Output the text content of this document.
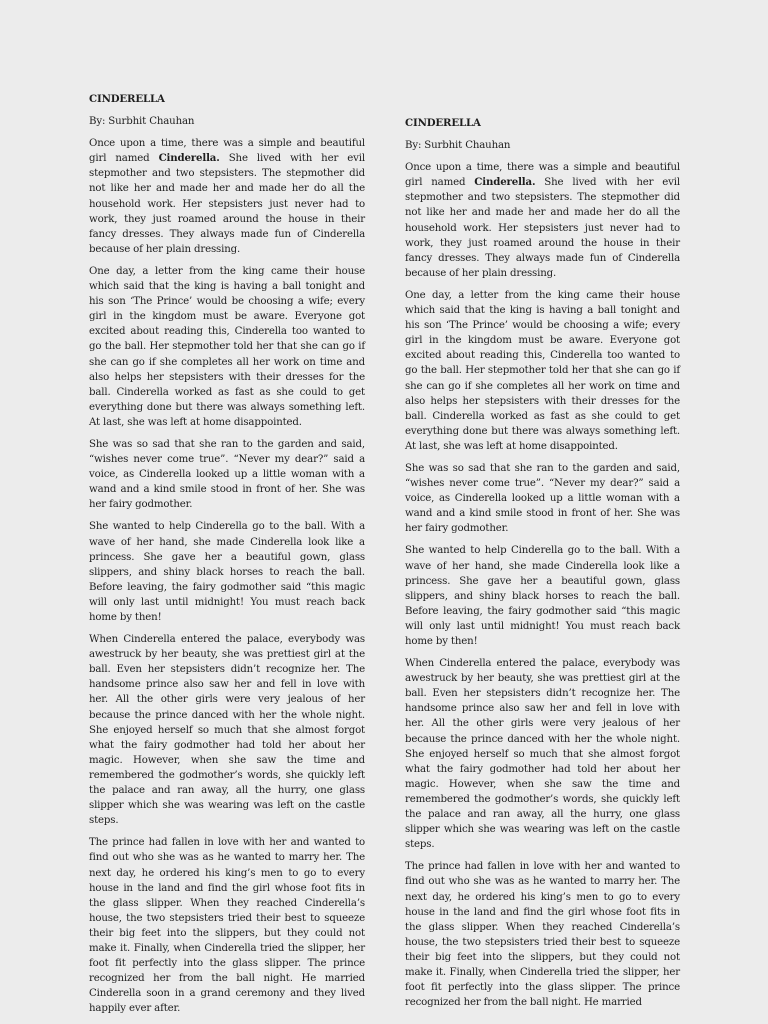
CINDERELLA
By: Surbhit Chauhan

Once upon a time, there was a simple and beautiful girl named Cinderella. She lived with her evil stepmother and two stepsisters. The stepmother did not like her and made her and made her do all the household work. Her stepsisters just never had to work, they just roamed around the house in their fancy dresses. They always made fun of Cinderella because of her plain dressing.

One day, a letter from the king came their house which said that the king is having a ball tonight and his son ‘The Prince’ would be choosing a wife; every girl in the kingdom must be aware. Everyone got excited about reading this, Cinderella too wanted to go the ball. Her stepmother told her that she can go if she can go if she completes all her work on time and also helps her stepsisters with their dresses for the ball. Cinderella worked as fast as she could to get everything done but there was always something left. At last, she was left at home disappointed.

She was so sad that she ran to the garden and said, “wishes never come true”. “Never my dear?” said a voice, as Cinderella looked up a little woman with a wand and a kind smile stood in front of her. She was her fairy godmother.

She wanted to help Cinderella go to the ball. With a wave of her hand, she made Cinderella look like a princess. She gave her a beautiful gown, glass slippers, and shiny black horses to reach the ball. Before leaving, the fairy godmother said “this magic will only last until midnight! You must reach back home by then!

When Cinderella entered the palace, everybody was awestruck by her beauty, she was prettiest girl at the ball. Even her stepsisters didn’t recognize her. The handsome prince also saw her and fell in love with her. All the other girls were very jealous of her because the prince danced with her the whole night. She enjoyed herself so much that she almost forgot what the fairy godmother had told her about her magic. However, when she saw the time and remembered the godmother’s words, she quickly left the palace and ran away, all the hurry, one glass slipper which she was wearing was left on the castle steps.

The prince had fallen in love with her and wanted to find out who she was as he wanted to marry her. The next day, he ordered his king’s men to go to every house in the land and find the girl whose foot fits in the glass slipper. When they reached Cinderella’s house, the two stepsisters tried their best to squeeze their big feet into the slippers, but they could not make it. Finally, when Cinderella tried the slipper, her foot fit perfectly into the glass slipper. The prince recognized her from the ball night. He married Cinderella soon in a grand ceremony and they lived happily ever after.

CINDERELLA
By: Surbhit Chauhan

Once upon a time, there was a simple and beautiful girl named Cinderella. She lived with her evil stepmother and two stepsisters. The stepmother did not like her and made her and made her do all the household work. Her stepsisters just never had to work, they just roamed around the house in their fancy dresses. They always made fun of Cinderella because of her plain dressing.

One day, a letter from the king came their house which said that the king is having a ball tonight and his son ‘The Prince’ would be choosing a wife; every girl in the kingdom must be aware. Everyone got excited about reading this, Cinderella too wanted to go the ball. Her stepmother told her that she can go if she can go if she completes all her work on time and also helps her stepsisters with their dresses for the ball. Cinderella worked as fast as she could to get everything done but there was always something left. At last, she was left at home disappointed.

She was so sad that she ran to the garden and said, “wishes never come true”. “Never my dear?” said a voice, as Cinderella looked up a little woman with a wand and a kind smile stood in front of her. She was her fairy godmother.

She wanted to help Cinderella go to the ball. With a wave of her hand, she made Cinderella look like a princess. She gave her a beautiful gown, glass slippers, and shiny black horses to reach the ball. Before leaving, the fairy godmother said “this magic will only last until midnight! You must reach back home by then!

When Cinderella entered the palace, everybody was awestruck by her beauty, she was prettiest girl at the ball. Even her stepsisters didn’t recognize her. The handsome prince also saw her and fell in love with her. All the other girls were very jealous of her because the prince danced with her the whole night. She enjoyed herself so much that she almost forgot what the fairy godmother had told her about her magic. However, when she saw the time and remembered the godmother’s words, she quickly left the palace and ran away, all the hurry, one glass slipper which she was wearing was left on the castle steps.

The prince had fallen in love with her and wanted to find out who she was as he wanted to marry her. The next day, he ordered his king’s men to go to every house in the land and find the girl whose foot fits in the glass slipper. When they reached Cinderella’s house, the two stepsisters tried their best to squeeze their big feet into the slippers, but they could not make it. Finally, when Cinderella tried the slipper, her foot fit perfectly into the glass slipper. The prince recognized her from the ball night. He married
